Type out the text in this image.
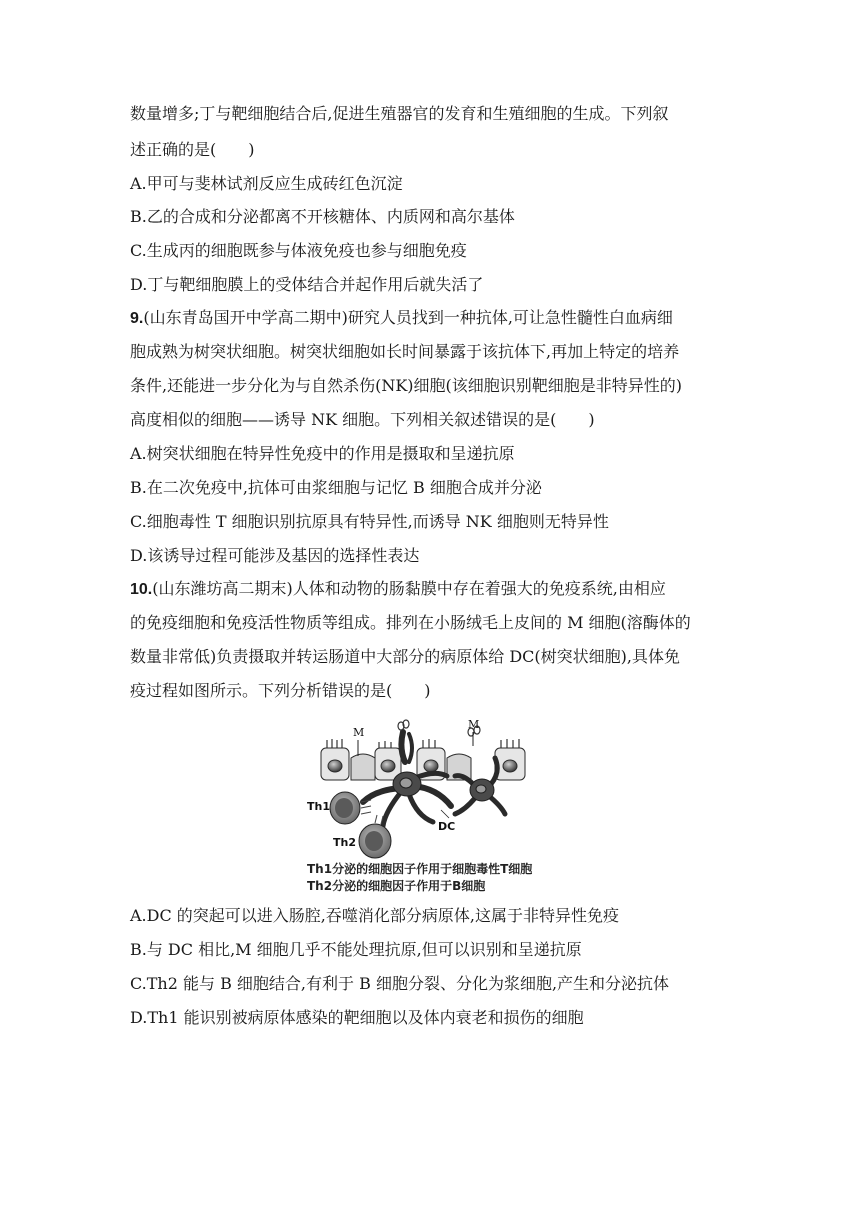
数量增多;丁与靶细胞结合后,促进生殖器官的发育和生殖细胞的生成。下列叙
述正确的是(　　)
A.甲可与斐林试剂反应生成砖红色沉淀
B.乙的合成和分泌都离不开核糖体、内质网和高尔基体
C.生成丙的细胞既参与体液免疫也参与细胞免疫
D.丁与靶细胞膜上的受体结合并起作用后就失活了
9.(山东青岛国开中学高二期中)研究人员找到一种抗体,可让急性髓性白血病细
胞成熟为树突状细胞。树突状细胞如长时间暴露于该抗体下,再加上特定的培养
条件,还能进一步分化为与自然杀伤(NK)细胞(该细胞识别靶细胞是非特异性的)
高度相似的细胞——诱导 NK 细胞。下列相关叙述错误的是(　　)
A.树突状细胞在特异性免疫中的作用是摄取和呈递抗原
B.在二次免疫中,抗体可由浆细胞与记忆 B 细胞合成并分泌
C.细胞毒性 T 细胞识别抗原具有特异性,而诱导 NK 细胞则无特异性
D.该诱导过程可能涉及基因的选择性表达
10.(山东潍坊高二期末)人体和动物的肠黏膜中存在着强大的免疫系统,由相应
的免疫细胞和免疫活性物质等组成。排列在小肠绒毛上皮间的 M 细胞(溶酶体的
数量非常低)负责摄取并转运肠道中大部分的病原体给 DC(树突状细胞),具体免
疫过程如图所示。下列分析错误的是(　　)
M
M
Th1
Th2
DC
Th1分泌的细胞因子作用于细胞毒性T细胞
Th2分泌的细胞因子作用于B细胞
A.DC 的突起可以进入肠腔,吞噬消化部分病原体,这属于非特异性免疫
B.与 DC 相比,M 细胞几乎不能处理抗原,但可以识别和呈递抗原
C.Th2 能与 B 细胞结合,有利于 B 细胞分裂、分化为浆细胞,产生和分泌抗体
D.Th1 能识别被病原体感染的靶细胞以及体内衰老和损伤的细胞
